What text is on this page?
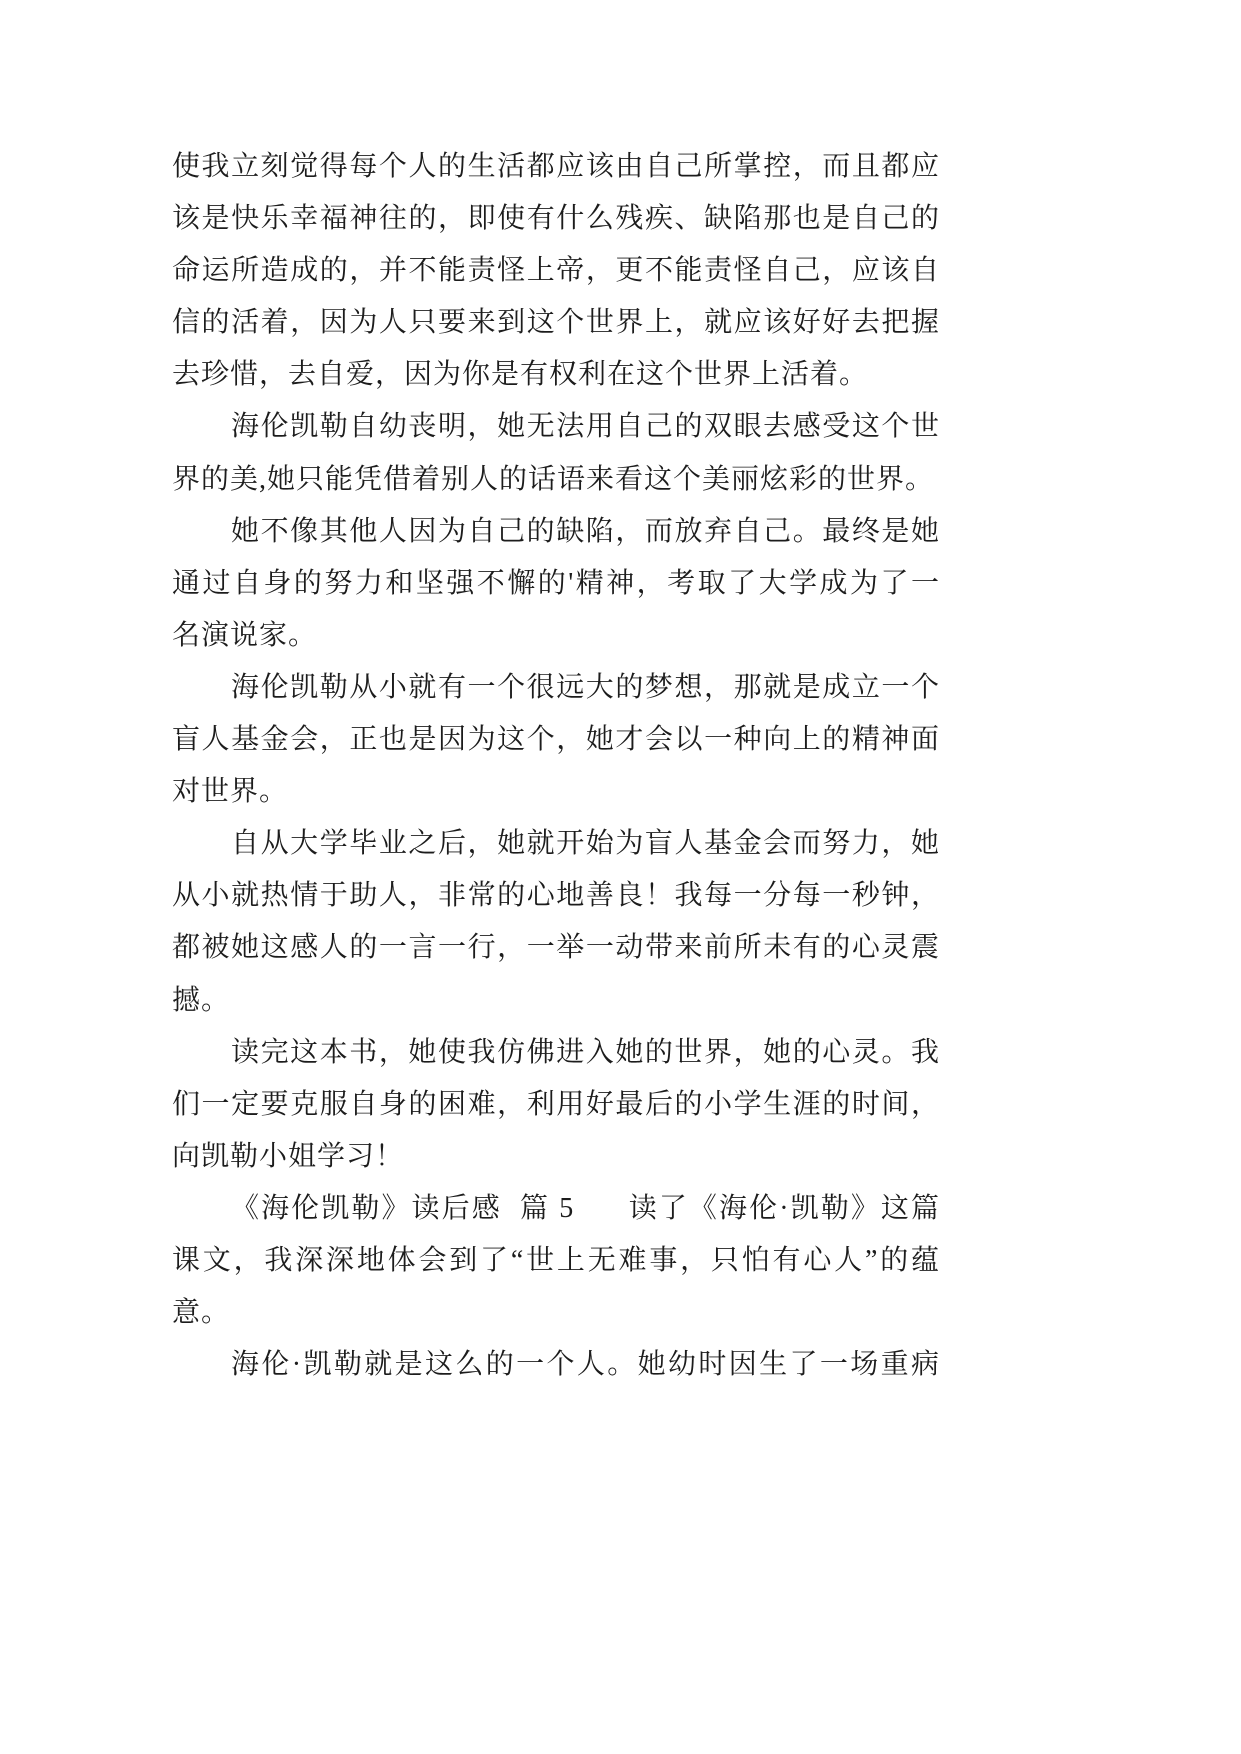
使我立刻觉得每个人的生活都应该由自己所掌控，而且都应
该是快乐幸福神往的，即使有什么残疾、缺陷那也是自己的
命运所造成的，并不能责怪上帝，更不能责怪自己，应该自
信的活着，因为人只要来到这个世界上，就应该好好去把握
去珍惜，去自爱，因为你是有权利在这个世界上活着。
海伦凯勒自幼丧明，她无法用自己的双眼去感受这个世
界的美,她只能凭借着别人的话语来看这个美丽炫彩的世界。
她不像其他人因为自己的缺陷，而放弃自己。最终是她
通过自身的努力和坚强不懈的'精神，考取了大学成为了一
名演说家。
海伦凯勒从小就有一个很远大的梦想，那就是成立一个
盲人基金会，正也是因为这个，她才会以一种向上的精神面
对世界。
自从大学毕业之后，她就开始为盲人基金会而努力，她
从小就热情于助人，非常的心地善良！我每一分每一秒钟，
都被她这感人的一言一行，一举一动带来前所未有的心灵震
撼。
读完这本书，她使我仿佛进入她的世界，她的心灵。我
们一定要克服自身的困难，利用好最后的小学生涯的时间，
向凯勒小姐学习！
《海伦凯勒》读后感  篇 5      读了《海伦·凯勒》这篇
课文，我深深地体会到了“世上无难事，只怕有心人”的蕴
意。
海伦·凯勒就是这么的一个人。她幼时因生了一场重病
